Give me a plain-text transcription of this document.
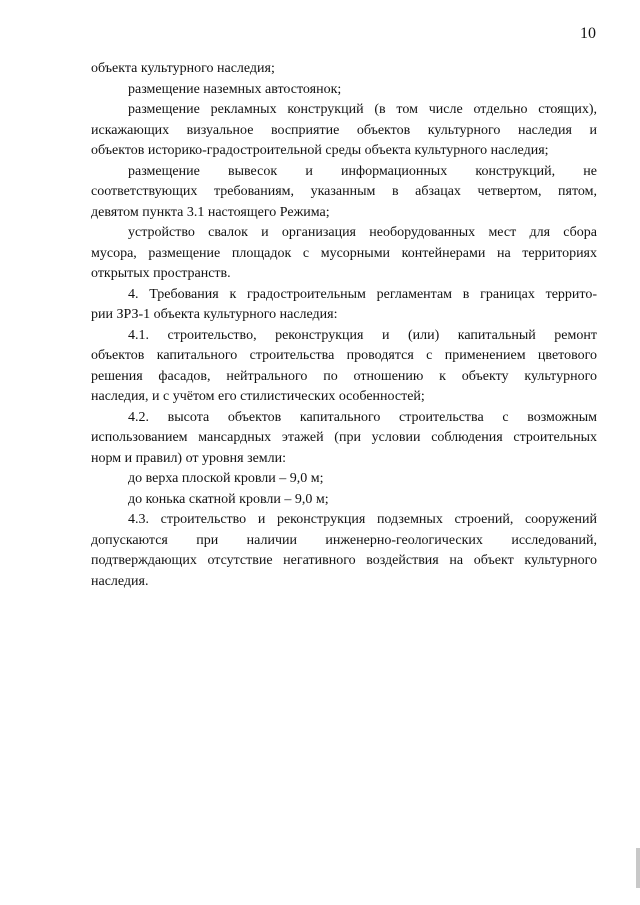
10
объекта культурного наследия;
размещение наземных автостоянок;
размещение рекламных конструкций (в том числе отдельно стоящих),
искажающих визуальное восприятие объектов культурного наследия и
объектов историко-градостроительной среды объекта культурного наследия;
размещение вывесок и информационных конструкций, не
соответствующих требованиям, указанным в абзацах четвертом, пятом,
девятом пункта 3.1 настоящего Режима;
устройство свалок и организация необорудованных мест для сбора
мусора, размещение площадок с мусорными контейнерами на территориях
открытых пространств.
4. Требования к градостроительным регламентам в границах террито-
рии ЗРЗ-1 объекта культурного наследия:
4.1. строительство, реконструкция и (или) капитальный ремонт
объектов капитального строительства проводятся с применением цветового
решения фасадов, нейтрального по отношению к объекту культурного
наследия, и с учётом его стилистических особенностей;
4.2. высота объектов капитального строительства с возможным
использованием мансардных этажей (при условии соблюдения строительных
норм и правил) от уровня земли:
до верха плоской кровли – 9,0 м;
до конька скатной кровли – 9,0 м;
4.3. строительство и реконструкция подземных строений, сооружений
допускаются при наличии инженерно-геологических исследований,
подтверждающих отсутствие негативного воздействия на объект культурного
наследия.
